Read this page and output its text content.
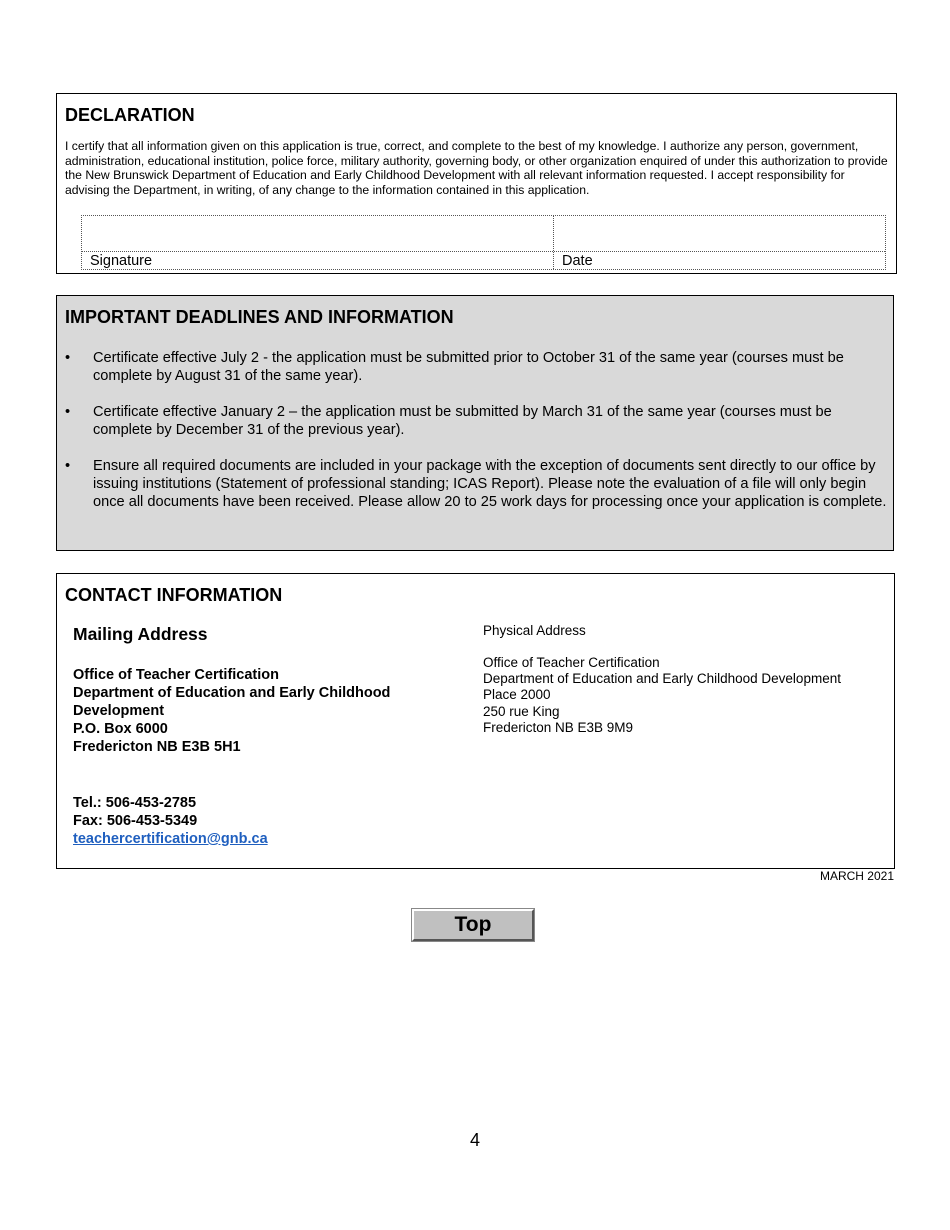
DECLARATION
I certify that all information given on this application is true, correct, and complete to the best of my knowledge. I authorize any person, government, administration, educational institution, police force, military authority, governing body, or other organization enquired of under this authorization to provide the New Brunswick Department of Education and Early Childhood Development with all relevant information requested. I accept responsibility for advising the Department, in writing, of any change to the information contained in this application.
Signature	Date
IMPORTANT DEADLINES AND INFORMATION
• Certificate effective July 2 - the application must be submitted prior to October 31 of the same year (courses must be complete by August 31 of the same year).
• Certificate effective January 2 – the application must be submitted by March 31 of the same year (courses must be complete by December 31 of the previous year).
• Ensure all required documents are included in your package with the exception of documents sent directly to our office by issuing institutions (Statement of professional standing; ICAS Report). Please note the evaluation of a file will only begin once all documents have been received. Please allow 20 to 25 work days for processing once your application is complete.
CONTACT INFORMATION
Mailing Address
Office of Teacher Certification
Department of Education and Early Childhood Development
P.O. Box 6000
Fredericton NB E3B 5H1
Tel.: 506-453-2785
Fax: 506-453-5349
teachercertification@gnb.ca
Physical Address
Office of Teacher Certification
Department of Education and Early Childhood Development
Place 2000
250 rue King
Fredericton NB E3B 9M9
MARCH 2021
Top
4
